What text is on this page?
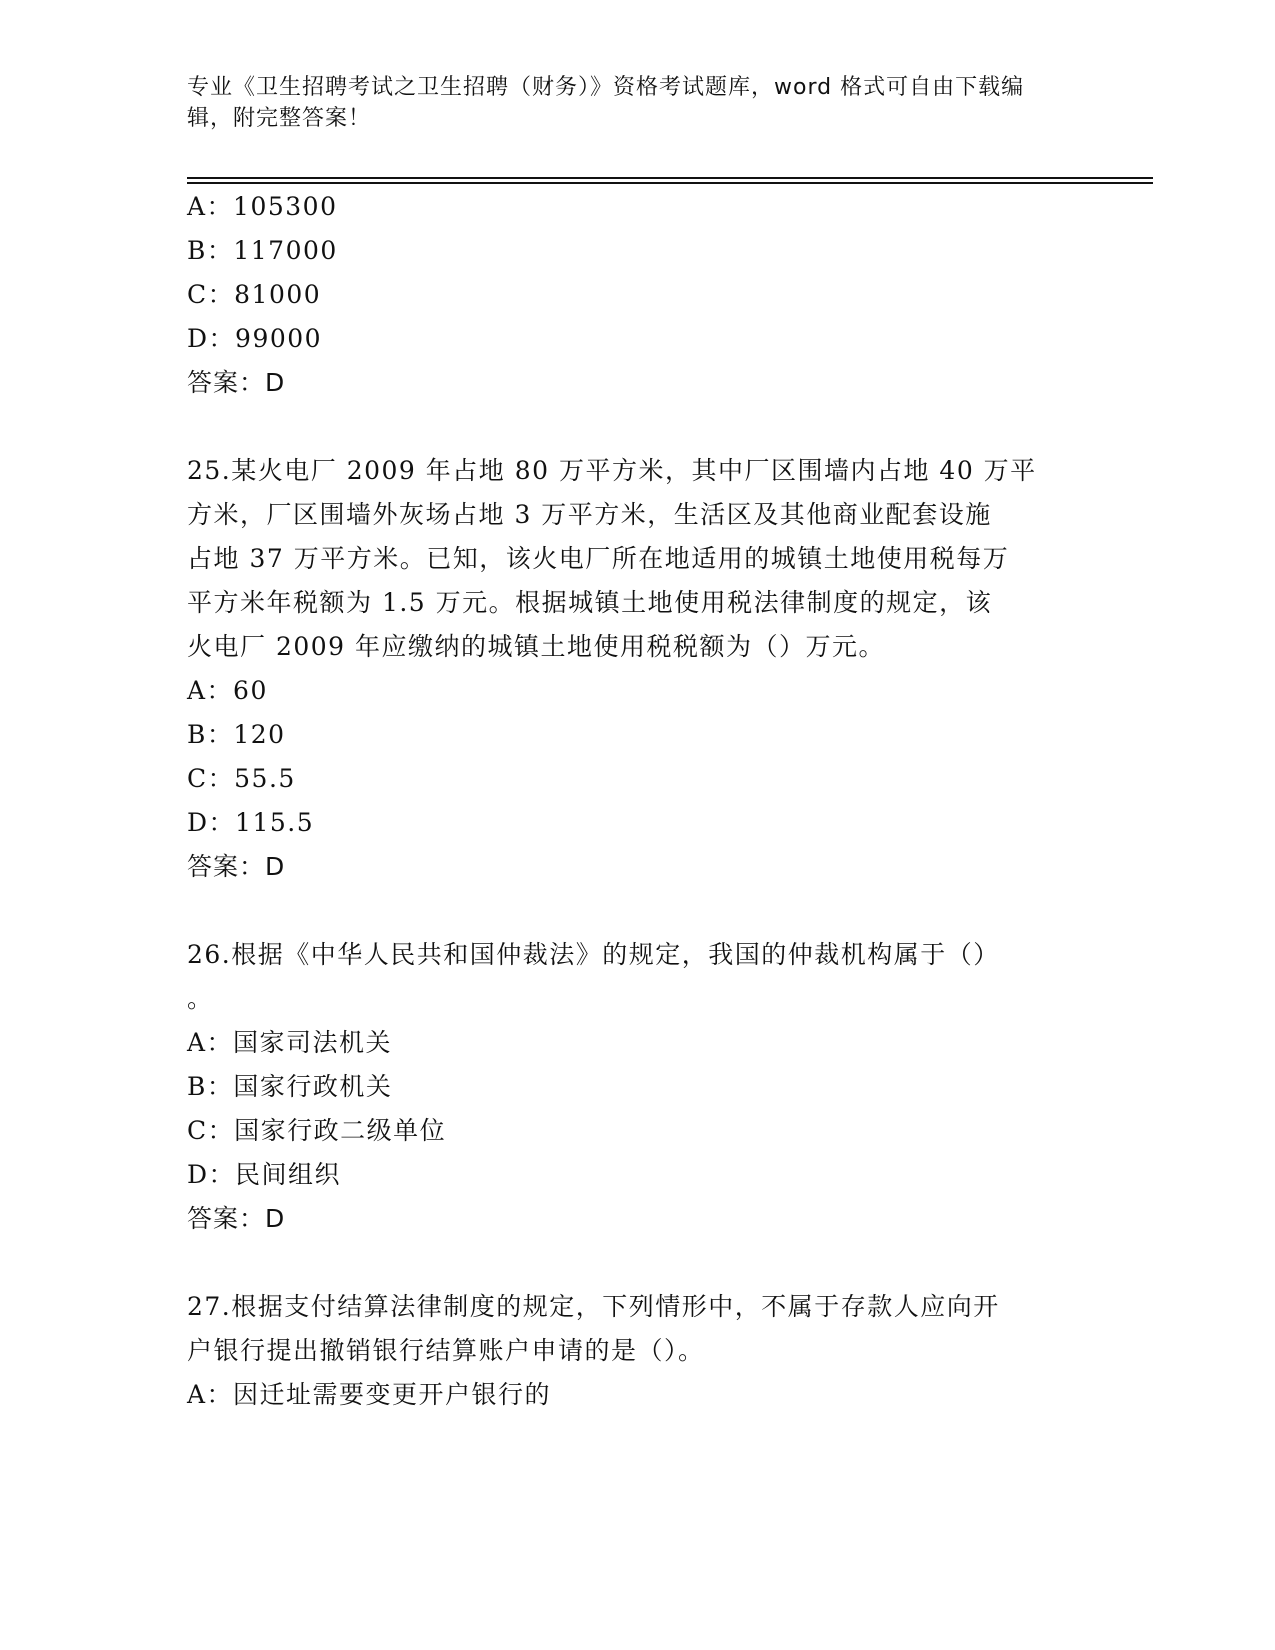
专业《卫生招聘考试之卫生招聘（财务）》资格考试题库，word 格式可自由下载编辑，附完整答案！
A：105300
B：117000
C：81000
D：99000
答案：D
25.某火电厂 2009 年占地 80 万平方米，其中厂区围墙内占地 40 万平
方米，厂区围墙外灰场占地 3 万平方米，生活区及其他商业配套设施
占地 37 万平方米。已知，该火电厂所在地适用的城镇土地使用税每万
平方米年税额为 1.5 万元。根据城镇土地使用税法律制度的规定，该
火电厂 2009 年应缴纳的城镇土地使用税税额为（）万元。
A：60
B：120
C：55.5
D：115.5
答案：D
26.根据《中华人民共和国仲裁法》的规定，我国的仲裁机构属于（）
。
A：国家司法机关
B：国家行政机关
C：国家行政二级单位
D：民间组织
答案：D
27.根据支付结算法律制度的规定，下列情形中，不属于存款人应向开
户银行提出撤销银行结算账户申请的是（）。
A：因迁址需要变更开户银行的
